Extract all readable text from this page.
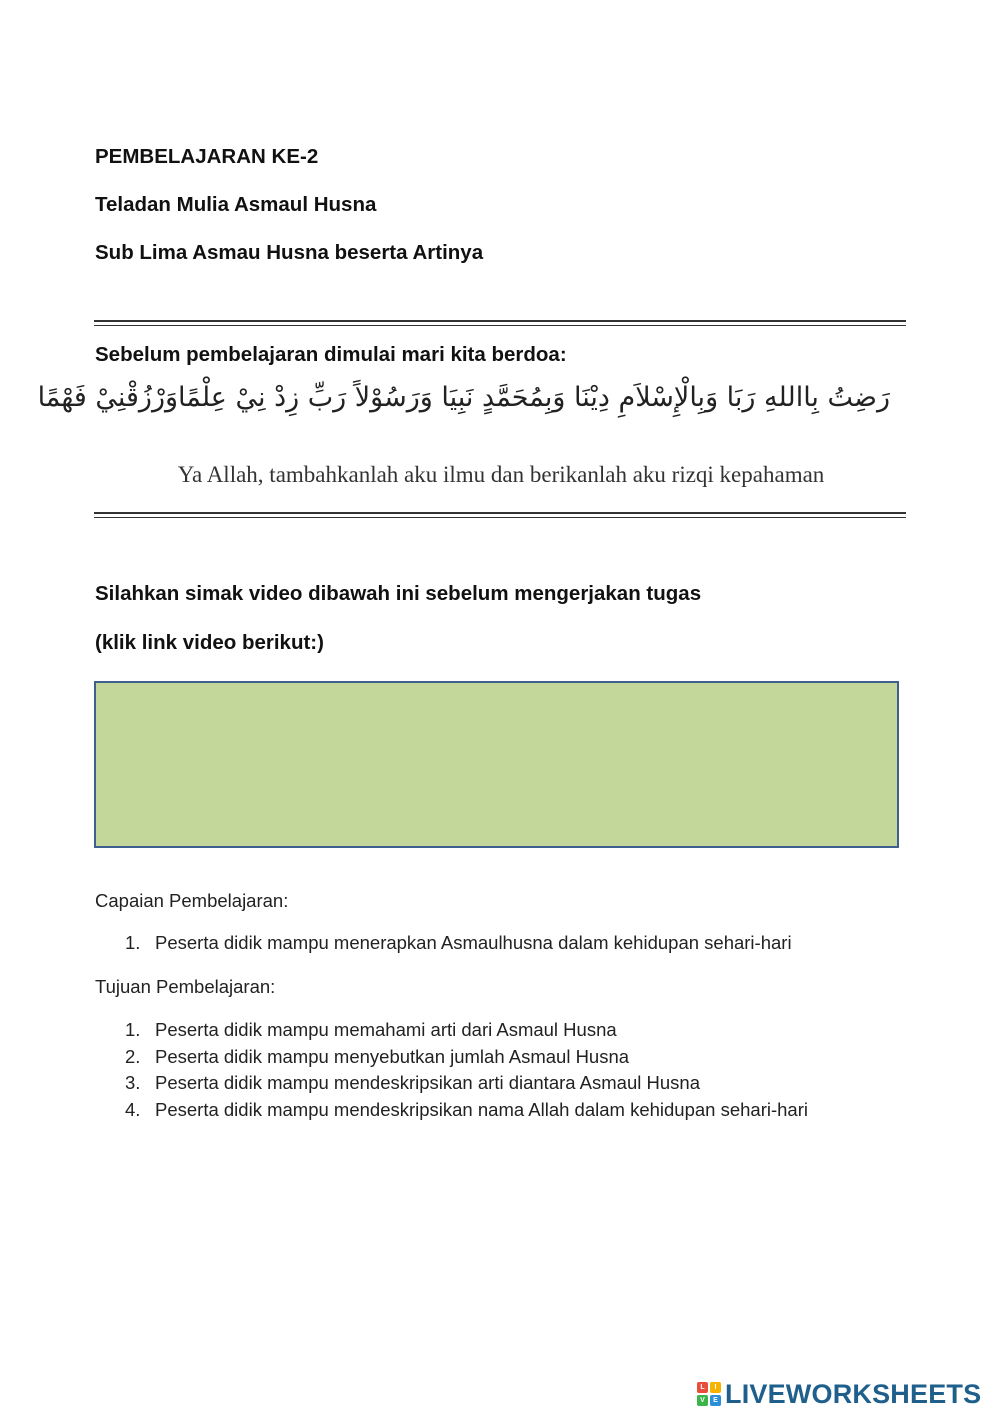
PEMBELAJARAN KE-2
Teladan Mulia Asmaul Husna
Sub Lima Asmau Husna beserta Artinya

Sebelum pembelajaran dimulai mari kita berdoa:

رَضِتُ بِااللهِ رَبَا وَبِالْإِسْلاَمِ دِيْنَا وَبِمُحَمَّدٍ نَبِيَا وَرَسُوْلاً رَبِّ زِدْ نِيْ عِلْمًاوَرْزُقْنِيْ فَهْمًا
Ya Allah, tambahkanlah aku ilmu dan berikanlah aku rizqi kepahaman

Silahkan simak video dibawah ini sebelum mengerjakan tugas

(klik link video berikut:)

Capaian Pembelajaran:

1. Peserta didik mampu menerapkan Asmaulhusna dalam kehidupan sehari-hari

Tujuan Pembelajaran:

1. Peserta didik mampu memahami arti dari Asmaul Husna
2. Peserta didik mampu menyebutkan jumlah Asmaul Husna
3. Peserta didik mampu mendeskripsikan arti diantara Asmaul Husna
4. Peserta didik mampu mendeskripsikan nama Allah dalam kehidupan sehari-hari
L	I
V	E LIVEWORKSHEETS
